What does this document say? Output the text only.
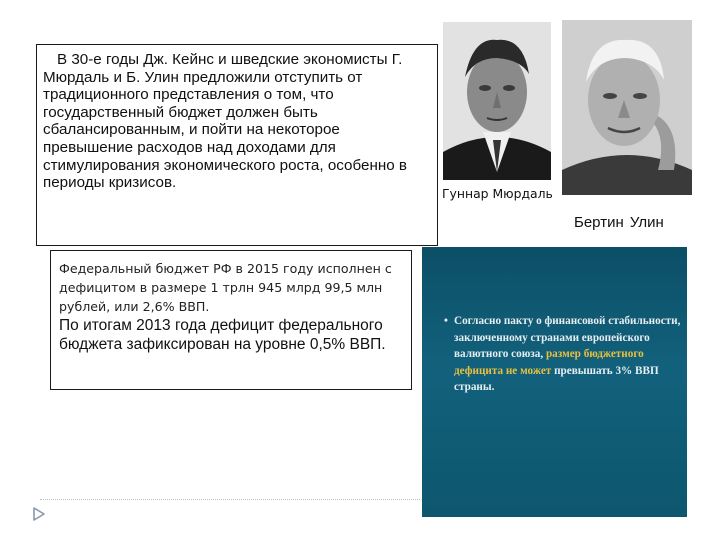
В 30-е годы Дж. Кейнс и шведские экономисты Г. Мюрдаль и Б. Улин предложили отступить от традиционного представления о том, что государственный бюджет должен быть сбалансированным, и пойти на некоторое превышение расходов над доходами для стимулирования экономического роста, особенно в периоды кризисов.

Федеральный бюджет РФ в 2015 году исполнен с дефицитом в размере 1 трлн 945 млрд 99,5 млн рублей, или 2,6% ВВП.

По итогам 2013 года дефицит федерального бюджета зафиксирован на уровне 0,5% ВВП.

Гуннар Мюрдаль
Бертин Улин
• Согласно пакту о финансовой стабильности, заключенному странами европейского валютного союза, размер бюджетного дефицита не может превышать 3% ВВП страны.
